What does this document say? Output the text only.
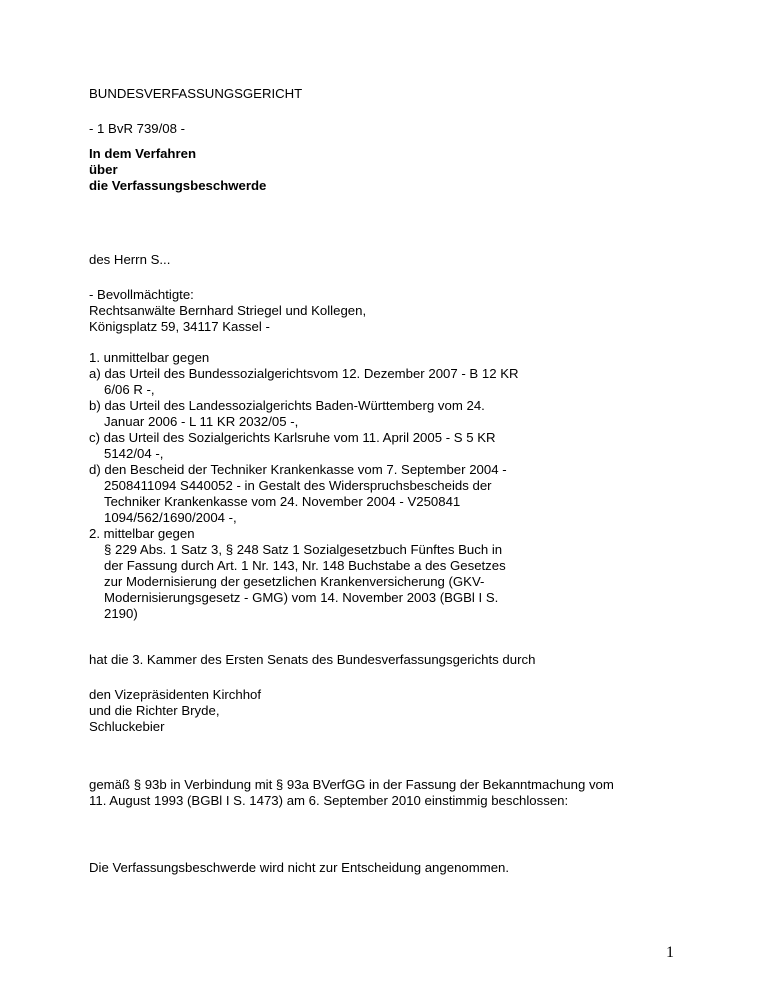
BUNDESVERFASSUNGSGERICHT
- 1 BvR 739/08 -
In dem Verfahren
über
die Verfassungsbeschwerde
des Herrn S...
- Bevollmächtigte:
Rechtsanwälte Bernhard Striegel und Kollegen,
Königsplatz 59, 34117 Kassel -
1. unmittelbar gegen
a) das Urteil des Bundessozialgerichtsvom 12. Dezember 2007 - B 12 KR
6/06 R -,
b) das Urteil des Landessozialgerichts Baden-Württemberg vom 24.
Januar 2006 - L 11 KR 2032/05 -,
c) das Urteil des Sozialgerichts Karlsruhe vom 11. April 2005 - S 5 KR
5142/04 -,
d) den Bescheid der Techniker Krankenkasse vom 7. September 2004 -
2508411094 S440052 - in Gestalt des Widerspruchsbescheids der
Techniker Krankenkasse vom 24. November 2004 - V250841
1094/562/1690/2004 -,
2. mittelbar gegen
§ 229 Abs. 1 Satz 3, § 248 Satz 1 Sozialgesetzbuch Fünftes Buch in
der Fassung durch Art. 1 Nr. 143, Nr. 148 Buchstabe a des Gesetzes
zur Modernisierung der gesetzlichen Krankenversicherung (GKV-
Modernisierungsgesetz - GMG) vom 14. November 2003 (BGBl I S.
2190)
hat die 3. Kammer des Ersten Senats des Bundesverfassungsgerichts durch
den Vizepräsidenten Kirchhof
und die Richter Bryde,
Schluckebier
gemäß § 93b in Verbindung mit § 93a BVerfGG in der Fassung der Bekanntmachung vom
11. August 1993 (BGBl I S. 1473) am 6. September 2010 einstimmig beschlossen:
Die Verfassungsbeschwerde wird nicht zur Entscheidung angenommen.
1
